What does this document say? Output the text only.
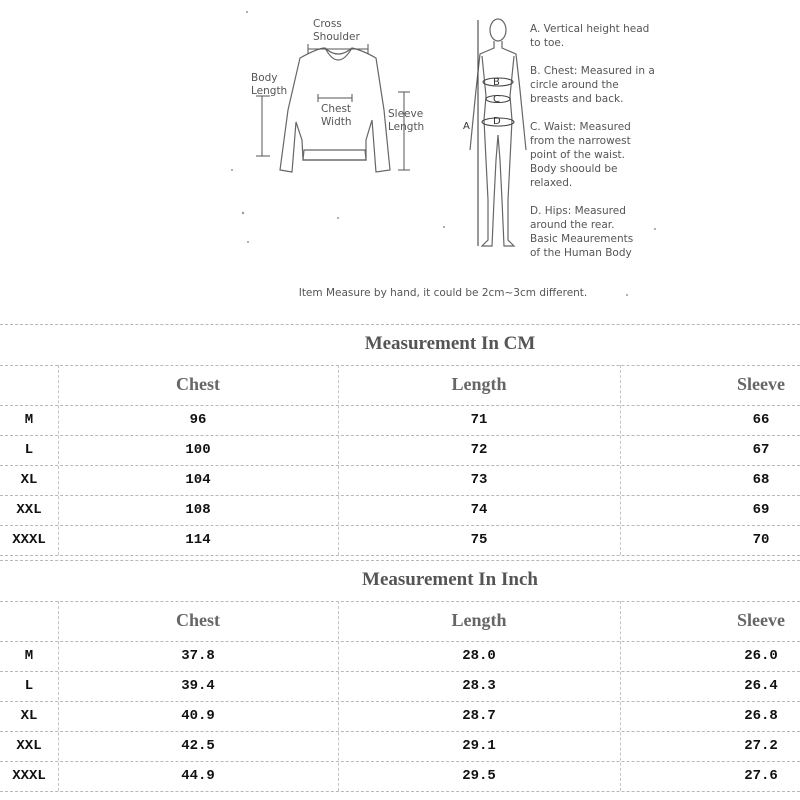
Cross
Shoulder
Body
Length
Chest
Width
Sleeve
Length	A
B
C
D
A. Vertical height head
to toe.
B. Chest: Measured in a
circle around the
breasts and back.
C. Waist: Measured
from the narrowest
point of the waist.
Body shoould be
relaxed.
D. Hips: Measured
around the rear.
Basic Meaurements
of the Human Body
Item Measure by hand, it could be 2cm~3cm different.
Measurement In CM
Chest	Length	Sleeve
M	96	71	66
L	100	72	67
XL	104	73	68
XXL	108	74	69
XXXL	114	75	70
Measurement In Inch
Chest	Length	Sleeve
M	37.8	28.0	26.0
L	39.4	28.3	26.4
XL	40.9	28.7	26.8
XXL	42.5	29.1	27.2
XXXL	44.9	29.5	27.6
